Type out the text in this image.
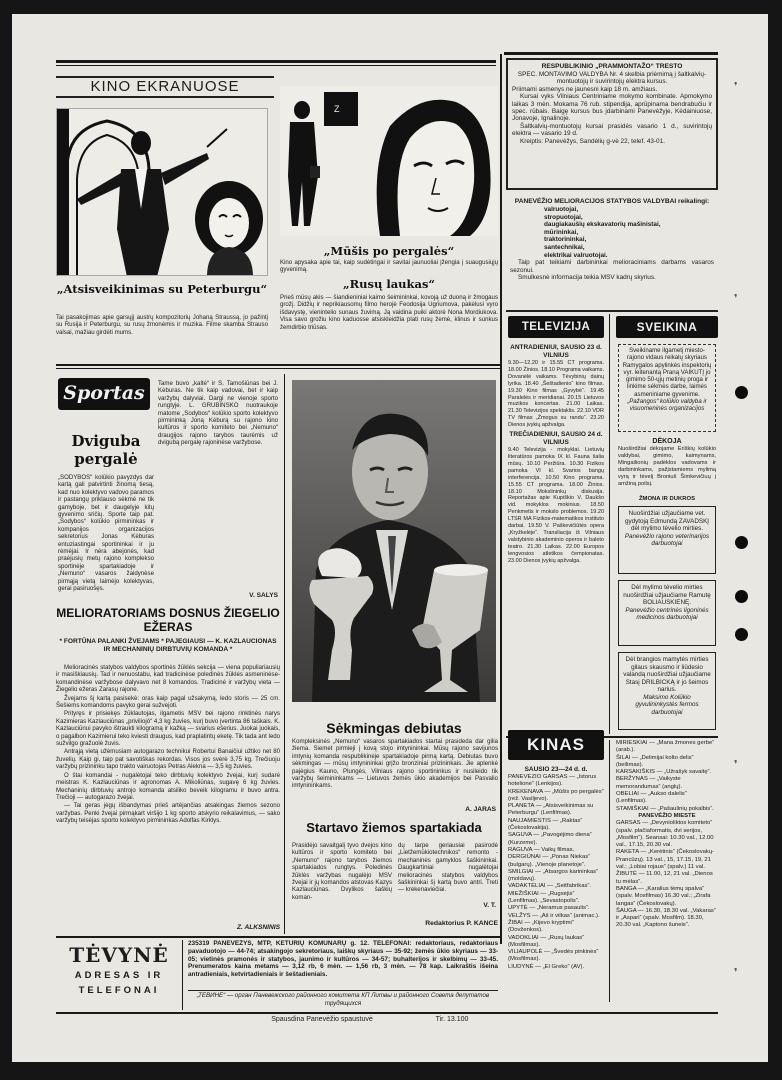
KINO EKRANUOSE
„Atsisveikinimas su Peterburgu“
Tai pasakojimas apie garsųjį austrų kompozitorių Johaną Straussą, jo pažintį su Rusija ir Peterburgu, su rusų žmonėmis ir muzika. Filme skamba Strauso valsai, mažiau girdėti mums.
Z
„Mūšis po pergalės“
Kino apysaka apie tai, kaip sudėtingai ir savitai jaunuoliai įžengia į suaugusiųjų gyvenimą.
„Rusų laukas“
Prieš mūsų akis — šiandieniniai kaimo šeimininkai, kovoją už duoną ir žmogaus grožį. Didžių ir neprikiausomų filmo herojė Feodosija Ugriumova, pakėlusi vyro išdavystę, vienintelio sunaus žuvimą. Ją vaidina puiki aktorė Nona Mordiukova. Visa savo grožiu kino kaduosse atsiskleidžia plati rusų žemė, klinus ir sunkus žemdirbio triūsas.
RESPUBLIKINIO „PRAMMONTAŽO“ TRESTO
SPEC. MONTAVIMO VALDYBA Nr. 4 skelbia priėmimą į šaltkalvių-montuotojų ir suvirintojų elektra kursus.
Priimami asmenys ne jaunesni kaip 18 m. amžiaus.
Kursai vyks Vilniaus Centriniame mokymo kombinate. Apmokymo laikas 3 mėn. Mokama 76 rub. stipendija, aprūpinama bendrabučiu ir spec. rūbais. Baigę kursus bus įdarbinami Panevėžyje, Kėdainiuose, Jonavoje, Ignalinoje.
Šaltkalvių-montuotojų kursai prasidės vasario 1 d., suvirintojų elektra — vasario 19 d.
Kreiptis: Panevėžys, Sandėlių g-vė 22, telef. 43-01.
PANEVĖŽIO MELIORACIJOS STATYBOS VALDYBAI reikalingi:
valruotojai,
stropuotojai,
daugiakaušių ekskavatorių mašinistai,
mūrininkai,
traktorininkai,
santechnikai,
elektrikai valruotojai.
Taip pat teikiami darbininkai melioraciniams darbams vasaros sezonui.
Smulkesnė informacija teikia MSV kadrų skyrius.
Sportas
Dviguba pergalė
„SODYBOS“ kolūkio pavyzdys dar kartą gali patvirtinti žinomą tiesą, kad nuo kolektyvo vadovo paramos ir pastangų priklauso sėkmė ne tik gamyboje, bet ir daugelyje kitų gyvenimo sričių. Sporte taip pat. „Sodybos“ kolūkio pirmininkas ir kompanijos organizacijos sekretorius Jonas Kėburas entuziastingai sportininkai ir ju rėmėjai. Ir nėra abejonės, kad praėjusių metų rajono komplekso sportinėje spartakiadoje ir „Nemuno“ vasaros žaidynėse pirmąją vietą laimėjo kolektyvas, gerai pasiruošęs.
Tame buvo „kaltė“ ir S. Tamošiūnas bei J. Kėburas. Ne tik kaip vadovai, bet ir kaip varžybų dalyviai. Dargi ne vienoje sporto rungtyje. L. GRUBINSKO nuotraukoje matome „Sodybos“ kolūkio sporto kolektyvo pirmininką Joną Kėburą su rajono kino kultūros ir sporto komiteto bei „Nemuno“ draugijos rajono tarybos taurėmis už dvigubą pergalę rajoninėse varžybose.
V. SALYS
MELIORATORIAMS DOSNUS ŽIEGELIO EŽERAS
* FORTŪNA PALANKI ŽVEJAMS * PAJEGIAUSI — K. KAZLAUCIONAS IR MECHANINIŲ DIRBTUVIŲ KOMANDA *

Melioracinės statybos valdybos sportinės žūklės sekcija — viena populiariausių ir masiškiausių. Tad ir nenuostabu, kad tradicinėse poledinės žūklės asmeninėse-komandinėse varžybose dalyvavo net 8 komandos. Tradicinė ir varžybų vieta — Žiegelio ežeras Zarasų rajone.

Žvejams šį kartą pasisekė: oras kaip pagal užsakymą, ledo storis — 25 cm. Šešiems komandoms pavyko gerai sužvejoti.

Prityręs ir prisiekęs žūklautojas, ilgametis MSV bei rajono rinktinės narys Kazimieras Kazlauciūnas „priviliojó“ 4,3 kg žuvies, kurį buvo įvertinta 86 taškais. K. Kazlauciūnui pavyko ištraukti kilogramą ir kažką — svarius ešerius. Juokai juokais, o pagalbon Kazimierui teko kviesti draugus, kad praplatintų eketę. Tik tada ant ledo sužvilgo gražuolė žuvis.

Antrąją vietą užėmusiam autogarazo technikui Robertui Banaičiui užtiko net 80 žuvelių. Kaip gi, taip pat savotiškas rekordas. Visos jos svėrė 3,75 kg. Trečiuoju varžybų prizininku tapo trakto vairuotojas Petras Alekna — 3,5 kg žuvies.

O štai komandai - nugalėtojai teko dirbtuvių kolektyvo žvejai, kurį sudarė meistras K. Kazlauciūnas ir agronomas A. Mikoliūnas, sugavę 6 kg žuvies. Mechaninių dirbtuvių antrojo komanda atsiliko beveik kilogramu ir buvo antra. Trečioji — autogarazo žvejai.

— Tai geras jėgų išbandymas prieš artėjančias atsakingas žiemos sezono varžybas. Penki žvejai pirmąkart viršijo 1 kg sporto atskyrio reikalavimus, — sako varžybų teisėjas sporto kolektyvo pirmininkas Adolfas Kirklys.

Z. ALKSNINIS
Sėkmingas debiutas
Kompleksinės „Nemuno“ vasaros spartakiados startai prasideda dar gilia žiema. Siemet pirmieji į kovą stojo imtynininkai. Mūsų rajono savijunos imtynių komanda respublikinėje spartakiadoje pirmą kartą. Debiutas buvo sėkmingas — mūsų imtynininkai grįžo bronziniai prizininkais. Jie aplenkė pajėgius Kauno, Plungės, Vilniaus rajono sportininkus ir nusileido tik varžybų šeimininkams — Lietuvos žemės ūkio akademijos bei Pasvalio imtynininkams.
A. JARAS
Startavo žiemos spartakiada
Prasidėjo savaitgalį tyvo dvejos kino kultūros ir sporto komiteto bei „Nemuno“ rajono tarybos žiemos spartakiados rungtys. Poledinės žūklės varžybas nugalėjo MSV žvejai ir jų komandos atstovas Kazys Kazlauciūnas. Dvylikos šaškių koman-
dų tarpe geriausiai pasirodė „Lietžemūkiotechnikos“ remonto - mechaninės gamyklos šaškininkai. Daugkartiniai nugalėtojai melioracinės statybos valdybos šaškininkai šį kartą buvo antri. Treti — krekenaviečiai.
V. T.
Redaktorius P. KANCE
TELEVIZIJA
ANTRADIENIUI, SAUSIO 23 d.
VILNIUS
9.30—12.20 ir 15.55 CT programa. 18.00 Žinios. 18.10 Programa vaikams. Dovanėlė vaikams. Tėvybinių dainų lyrika. 18.40 „Šeštadienio“ kino filmas. 19.30 Kino filmas „Gyvybė“. 19.45 Paralelės ir meridianai. 20.15 Lietuvos muzikos koncertas. 21.00 Laikas. 21.30 Televizijos spektaklis. 22.10 VDR TV filmas „Žmogus su randu“. 23.20 Dienos įvykių apžvalga.
TREČIADIENIUI, SAUSIO 24 d.
VILNIUS
9.40 Televizija - mokyklai. Lietuvių literatūros pamoka IX kl. Fauna šalia mūsų. 10.10 Peržiūra. 10.30 Fizikos pamoka VI kl. Svarios bangų interferencija. 10.50 Kino programa. 15.55 CT programa. 18.00 Žinios. 18.10 Mokslininkų diskusija. Reportažas apie Kupiškio V. Daukšo vid. mokyklos mokinius. 18.50 Penkmetis ir mokslo problemos. 19.20 LTSR MA Fizikos-matematikos instituto darbai. 19.50 V. Paškevičiūtės opera „Kryžkelėje“. Transliacija iš Vilniaus valstybinio akademinio operos ir baleto teatro. 21.30 Laikas. 22.00 Europos lengvosios atletikos čempionatas. 23.00 Dienos įvykių apžvalga.
SVEIKINA
Sveikiname ilgametį miesto-rajono vidaus reikalų skyriaus Ramygalos apylinkės inspektorių vyr. leitenantą Praną VAIKUTĮ jo gimimo 50-ųjų metinių proga ir linkime sėkmės darbe, laimės asmeniniame gyvenime.
„Pažangos“ kolūkio valdyba ir visuomeninės organizacijos
DĖKOJA
Nuoširdžiai dėkojame Eriškių kolūkio valdybai, gimimo, kaimynams, Mingailionių padėklos vadovams ir darbininkams, pažįstamiems mylimą vyrą ir tėvelį Broniuš Šimkevičiuų į amžiną poilsį.
ŽMONA IR DUKROS
Nuoširdžiai užjaučiame vet. gydytoją Edmundą ZAVADSKĮ dėl mylimo tėvelio mirties.
Panevėžio rajono veterinarijos darbuotojai
Dėl mylimo tėvelio mirties nuoširdžiai užjaučiame Ramutę BOLIAUSKIENĘ.
Panevėžio centrinės ligoninės medicinos darbuotojai
Dėl brangios mamytės mirties gilaus skausmo ir liūdesio valandą nuoširdžiai užjaučiame Stasį DRILBICKĄ ir jo šeimos narius.
Maksimo Kolūkio gyvulininkystės fermos darbuotojai
KINAS
SAUSIO 23—24 d. d.
PANEVĖŽIO GARSAS — „Istorus hotelione“ (Lenkijos).
KREKENAVA — „Mūšis po pergalės“ (rež. Vasiljevo).
PLANETA — „Atsisveikinimas su Peterburgu“ (Lenfilmas).
NAUJAMIESTIS — „Raktas“ (Čekoslovakija).
SAGUVA — „Pavogėjimo diena“ (Kurzeme).
RAGUVA — Vaikų filmas.
DERGIŪNAI — „Ponas Niekas“ (bulgarų). „Vienoje planetoje“.
SMILGIAI — „Atsargos karininkas“ (moldavų).
VADAKTĖLIAI — „Seitfabrikas“.
MIEŽIŠKIAI — „Rugsėjis“ (Lenfilmas). „Sevastopolis“.
UPYTĖ — „Neramus pasaulis“.
VELŽYS — „Aš ir vilkas“ (animac.).
ŽIBAI — „Kijevo kryptimi“ (Dovženkos).
VADOKLIAI — „Rusų laukas“ (Mosfilmas).
VILIAUPOLĖ — „Švedės pinkinės“ (Mosfilmas).
LIUDYNĖ — „El Greko“ (AV).
MIRIEŠKIAI — „Mana žmones gerbe“ (arab.).
ŠILAI — „Delimijai kolto delis“ (beilimas).
KARSAKIŠKIS — „Užrašyk savaitę“.
BERŽYNAS — „Vaikyste memorandumas“ (anglų).
OBELIAI — „Aukso dalelis“ (Lenfilmas).
STAMIŠKIAI — „Pašaulinių pokalbis“.
PANEVĖŽIO MIESTE
GARSAS — „Devynioliktos komiteto“ (spalv. plačiaformatis, dvi serijos, „Mosfilm“). Seansai: 10.30 val., 12.00 val., 17.15, 20.30 val.
RAKETA — „Kerėtinis“ (Čekoslovakų-Prancūzų). 13 val., 15, 17.15, 19, 21 val.; „Lobiai rojaus“ (spalv.) 11 val.
ŽIBUTĖ — 11.00, 12, 21 val. „Dienos tu mėlas“.
BANGA — „Karalius tėmų spalva“ (spalv. Mosfilmas) 16.30 val.; „Zirafa langas“ (Čekoslovakų).
ŠAUGA — 16.30, 18.30 val. „Vakaras“ ir „Aspari“ (spalv. Mosfilm). 18.30, 20.30 val. „Kaptono šuneis“.
TĖVYNĖ
ADRESAS IR TELEFONAI
235319 PANEVĖŽYS, MTP, KETURIŲ KOMUNARŲ g. 12. TELEFONAI: redaktoriaus, redaktoriaus pavaduotojo — 44-74; atsakingojo sekretoriaus, laiškų skyriaus — 35-92; žemės ūkio skyriaus — 33-05; vietinės pramonės ir statybos, jaunimo ir kultūros — 34-57; buhalterijos ir skelbimų — 33-45. Prenumeratos kaina metams — 3,12 rb, 6 mėn. — 1,56 rb, 3 mėn. — 78 kap. Laikraštis išeina antradieniais, ketvirtadieniais ir šeštadieniais.
„ТЕВИНЕ“ — орган Паневежского районного комитета КП Литвы и районного Совета депутатов трудящихся
Spausdina Panevėžio spaustuvė	Tir. 13.100
❜
❜
❜
❜
